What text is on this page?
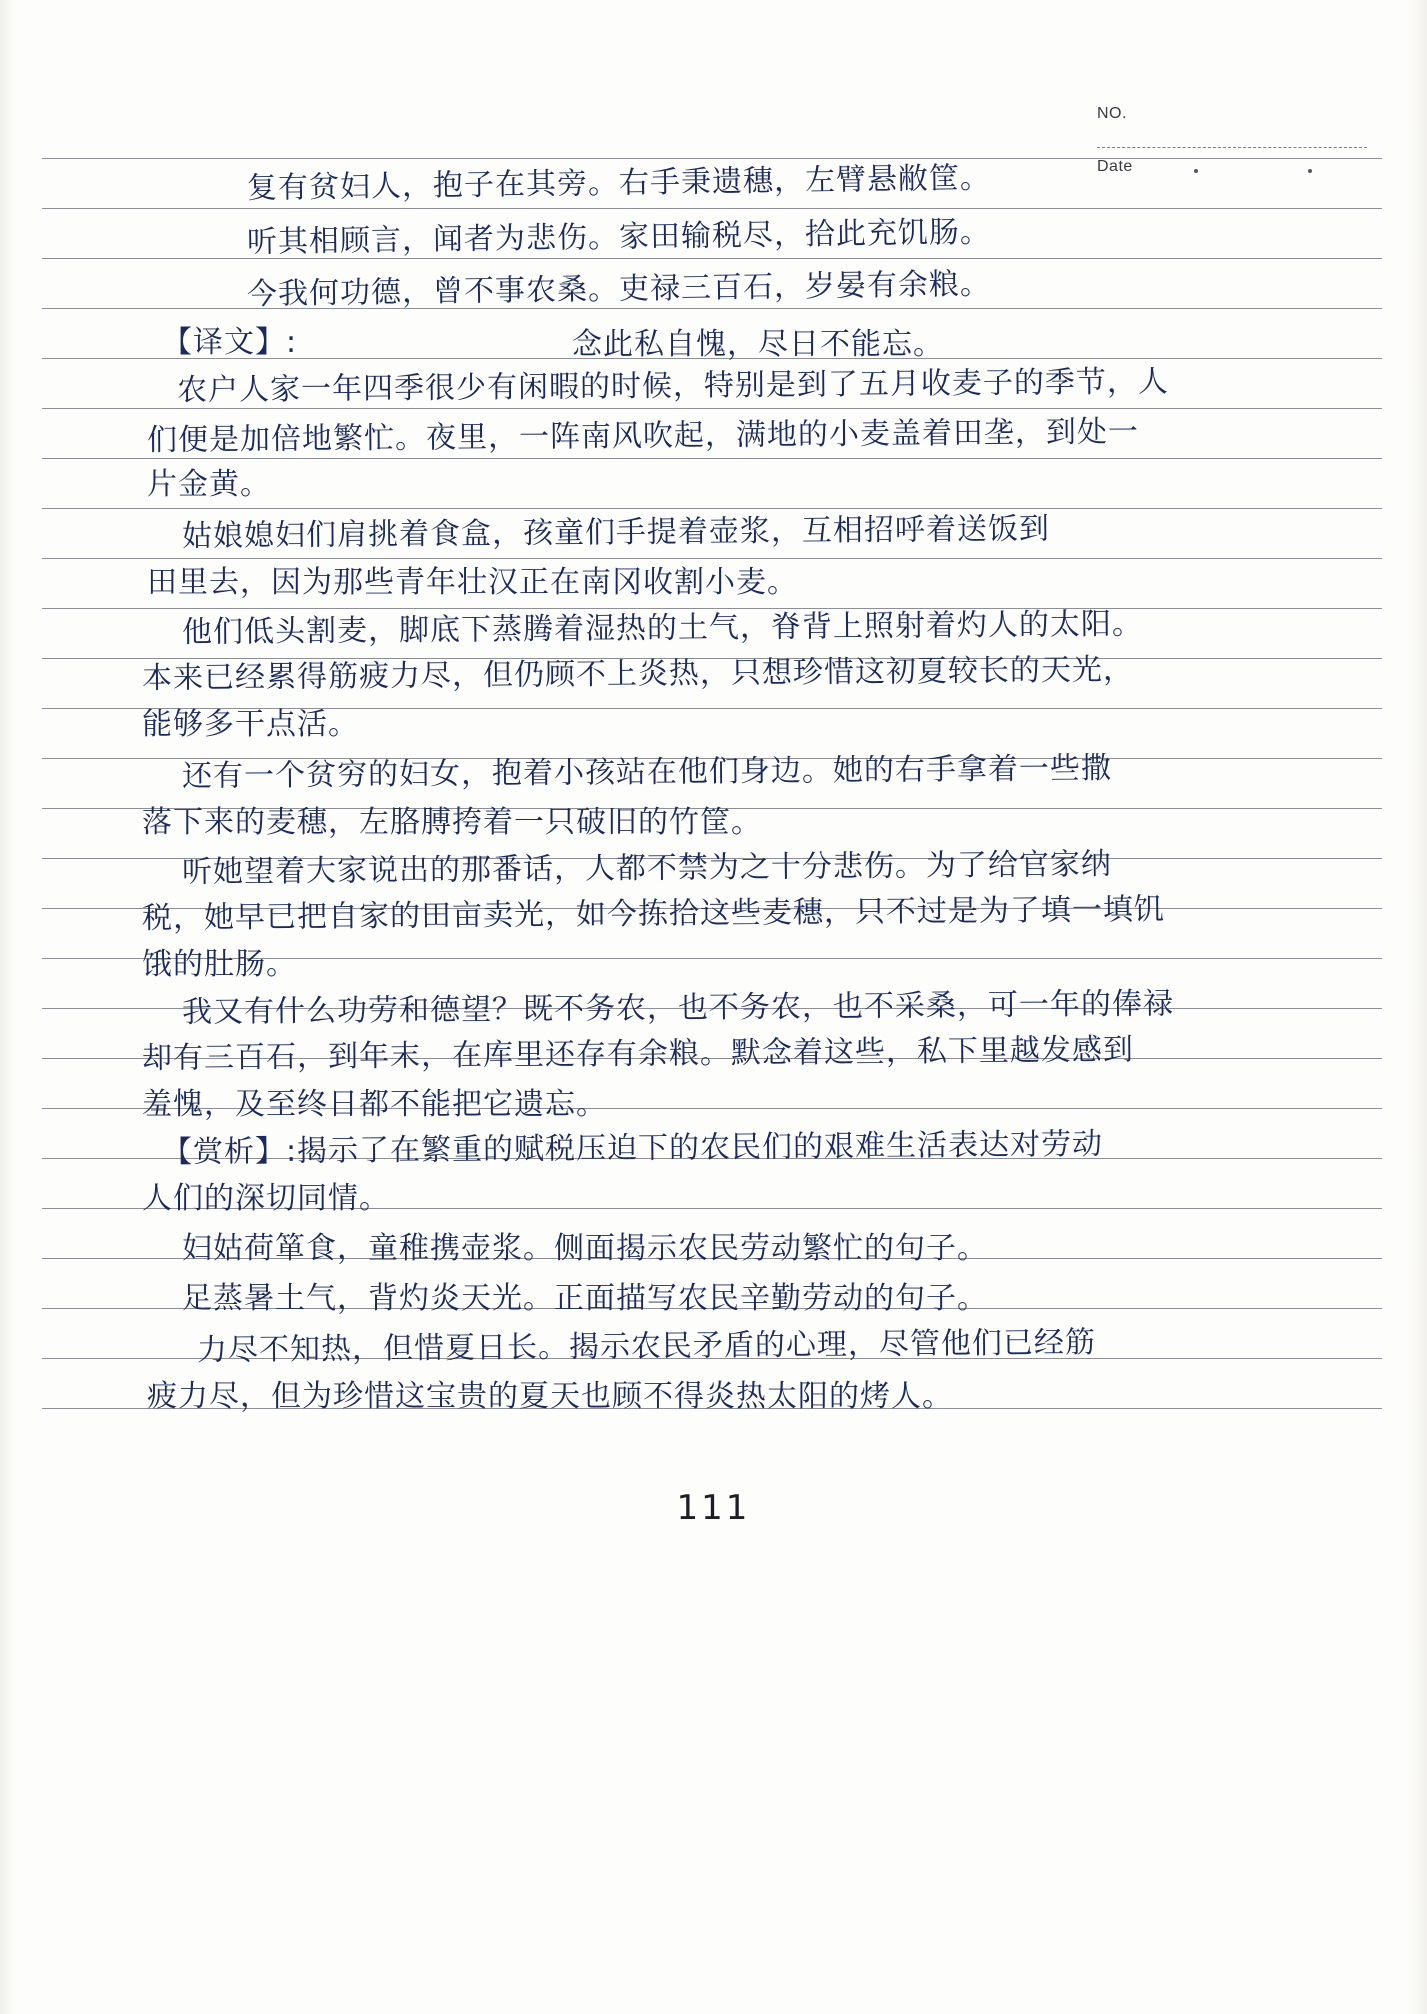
NO.
Date
复有贫妇人，抱子在其旁。右手秉遗穗，左臂悬敝筐。
听其相顾言，闻者为悲伤。家田输税尽，拾此充饥肠。
今我何功德，曾不事农桑。吏禄三百石，岁晏有余粮。
【译文】:	念此私自愧，尽日不能忘。
农户人家一年四季很少有闲暇的时候，特别是到了五月收麦子的季节，人
们便是加倍地繁忙。夜里，一阵南风吹起，满地的小麦盖着田垄，到处一
片金黄。
姑娘媳妇们肩挑着食盒，孩童们手提着壶浆，互相招呼着送饭到
田里去，因为那些青年壮汉正在南冈收割小麦。
他们低头割麦，脚底下蒸腾着湿热的土气，脊背上照射着灼人的太阳。
本来已经累得筋疲力尽，但仍顾不上炎热，只想珍惜这初夏较长的天光，
能够多干点活。
还有一个贫穷的妇女，抱着小孩站在他们身边。她的右手拿着一些撒
落下来的麦穗，左胳膊挎着一只破旧的竹筐。
听她望着大家说出的那番话，人都不禁为之十分悲伤。为了给官家纳
税，她早已把自家的田亩卖光，如今拣拾这些麦穗，只不过是为了填一填饥
饿的肚肠。
我又有什么功劳和德望？既不务农，也不务农，也不采桑，可一年的俸禄
却有三百石，到年末，在库里还存有余粮。默念着这些，私下里越发感到
羞愧，及至终日都不能把它遗忘。
【赏析】:揭示了在繁重的赋税压迫下的农民们的艰难生活表达对劳动
人们的深切同情。
妇姑荷箪食，童稚携壶浆。侧面揭示农民劳动繁忙的句子。
足蒸暑土气，背灼炎天光。正面描写农民辛勤劳动的句子。
力尽不知热，但惜夏日长。揭示农民矛盾的心理，尽管他们已经筋
疲力尽，但为珍惜这宝贵的夏天也顾不得炎热太阳的烤人。
111
